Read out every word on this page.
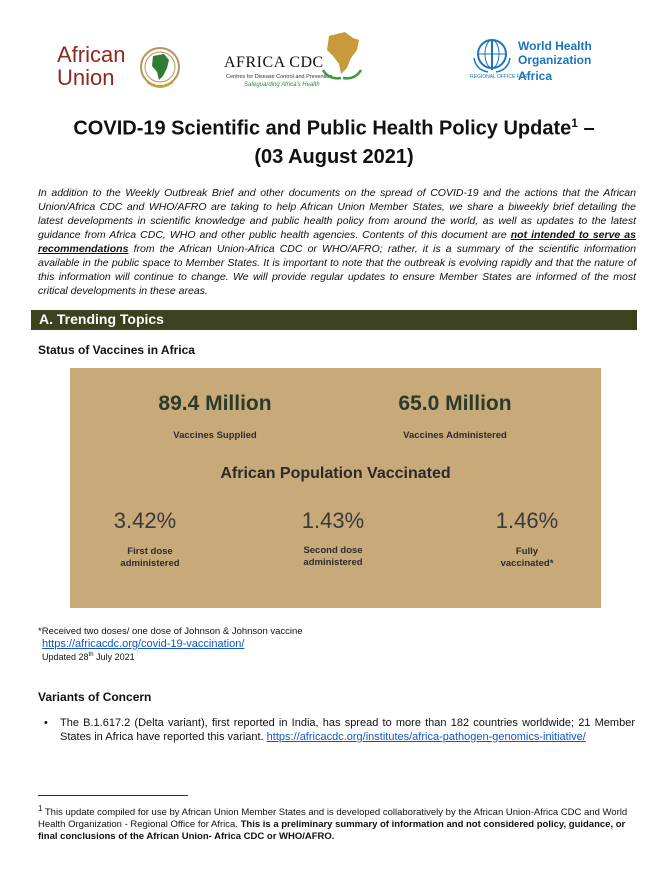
African
Union
AFRICA CDC
Centres for Disease Control and Prevention
Safeguarding Africa's Health
World Health
Organization
REGIONAL OFFICE FOR
Africa
COVID-19 Scientific and Public Health Policy Update$^1$ –
(03 August 2021)
In addition to the Weekly Outbreak Brief and other documents on the spread of COVID-19 and the actions that the African Union/Africa CDC and WHO/AFRO are taking to help African Union Member States, we share a biweekly brief detailing the latest developments in scientific knowledge and public health policy from around the world, as well as updates to the latest guidance from Africa CDC, WHO and other public health agencies. Contents of this document are not intended to serve as recommendations from the African Union-Africa CDC or WHO/AFRO; rather, it is a summary of the scientific information available in the public space to Member States. It is important to note that the outbreak is evolving rapidly and that the nature of this information will continue to change. We will provide regular updates to ensure Member States are informed of the most critical developments in these areas.
A. Trending Topics
Status of Vaccines in Africa
89.4 Million
Vaccines Supplied
65.0 Million
Vaccines Administered
African Population Vaccinated
3.42%
First dose
administered
1.43%
Second dose
administered
1.46%
Fully
vaccinated*
*Received two doses/ one dose of Johnson & Johnson vaccine
https://africacdc.org/covid-19-vaccination/
Updated 28th July 2021
Variants of Concern
• The B.1.617.2 (Delta variant), first reported in India, has spread to more than 182 countries worldwide; 21 Member States in Africa have reported this variant. https://africacdc.org/institutes/africa-pathogen-genomics-initiative/
$^1$ This update compiled for use by African Union Member States and is developed collaboratively by the African Union-Africa CDC and World Health Organization - Regional Office for Africa. This is a preliminary summary of information and not considered policy, guidance, or final conclusions of the African Union- Africa CDC or WHO/AFRO.
